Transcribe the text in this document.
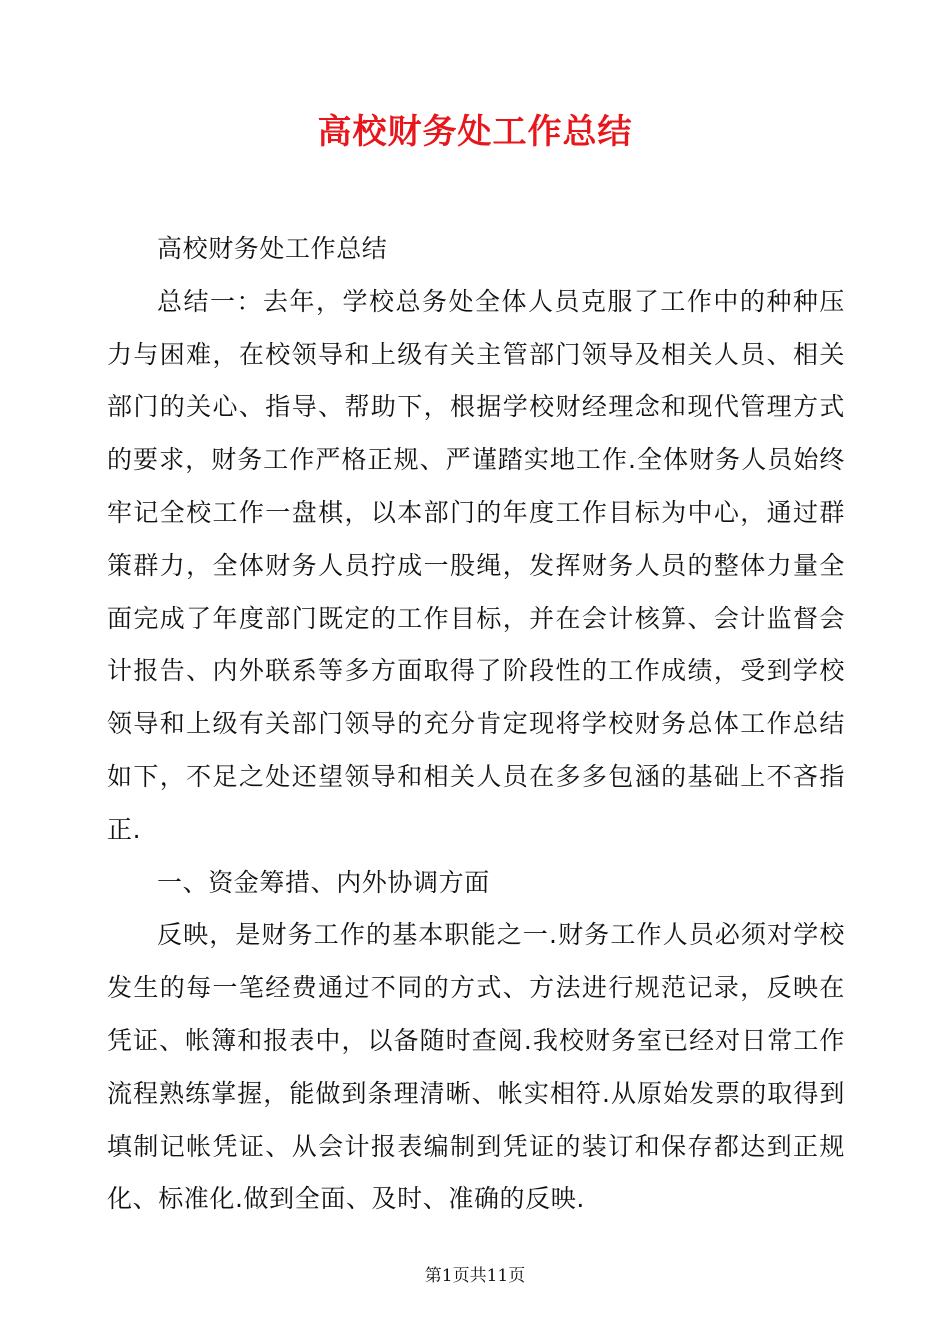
高校财务处工作总结

高校财务处工作总结

总结一：去年，学校总务处全体人员克服了工作中的种种压力与困难，在校领导和上级有关主管部门领导及相关人员、相关部门的关心、指导、帮助下，根据学校财经理念和现代管理方式的要求，财务工作严格正规、严谨踏实地工作.全体财务人员始终牢记全校工作一盘棋，以本部门的年度工作目标为中心，通过群策群力，全体财务人员拧成一股绳，发挥财务人员的整体力量全面完成了年度部门既定的工作目标，并在会计核算、会计监督会计报告、内外联系等多方面取得了阶段性的工作成绩，受到学校领导和上级有关部门领导的充分肯定现将学校财务总体工作总结如下，不足之处还望领导和相关人员在多多包涵的基础上不吝指正.

一、资金筹措、内外协调方面

反映，是财务工作的基本职能之一.财务工作人员必须对学校发生的每一笔经费通过不同的方式、方法进行规范记录，反映在凭证、帐簿和报表中，以备随时查阅.我校财务室已经对日常工作流程熟练掌握，能做到条理清晰、帐实相符.从原始发票的取得到填制记帐凭证、从会计报表编制到凭证的装订和保存都达到正规化、标准化.做到全面、及时、准确的反映.

第1页共11页
